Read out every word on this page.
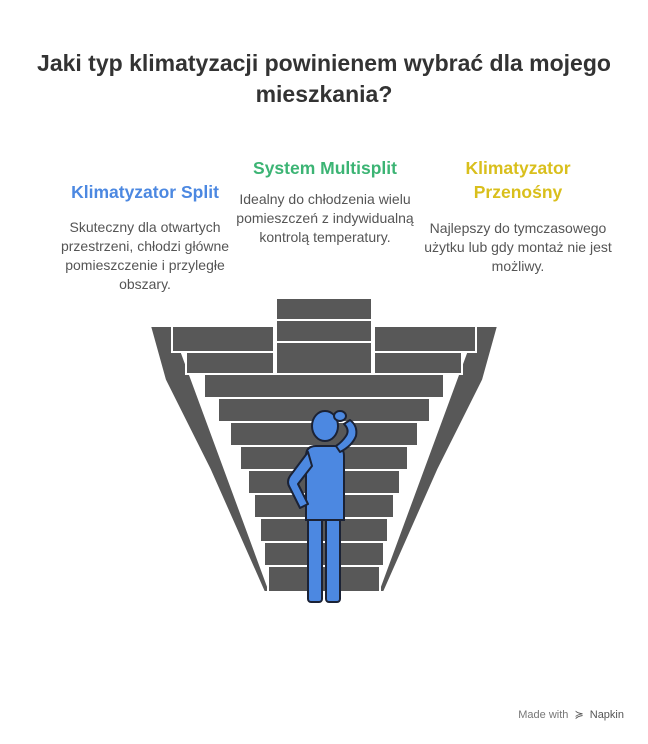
Jaki typ klimatyzacji powinienem wybrać dla mojego
mieszkania?
Klimatyzator Split
Skuteczny dla otwartych przestrzeni, chłodzi główne pomieszczenie i przyległe obszary.
System Multisplit
Idealny do chłodzenia wielu pomieszczeń z indywidualną kontrolą temperatury.
Klimatyzator
Przenośny
Najlepszy do tymczasowego użytku lub gdy montaż nie jest możliwy.
Made with ≽ Napkin
